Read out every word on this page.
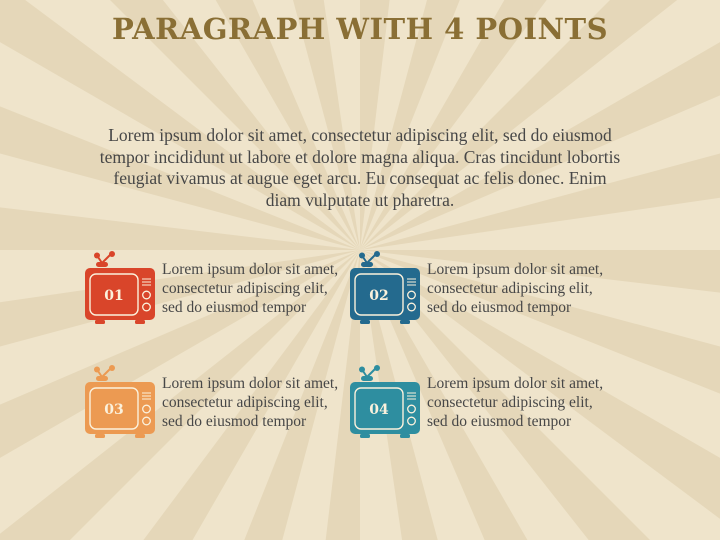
PARAGRAPH WITH 4 POINTS
Lorem ipsum dolor sit amet, consectetur adipiscing elit, sed do eiusmod tempor incididunt ut labore et dolore magna aliqua. Cras tincidunt lobortis feugiat vivamus at augue eget arcu. Eu consequat ac felis donec. Enim diam vulputate ut pharetra.
01
Lorem ipsum dolor sit amet, consectetur adipiscing elit, sed do eiusmod tempor
02
Lorem ipsum dolor sit amet, consectetur adipiscing elit, sed do eiusmod tempor
03
Lorem ipsum dolor sit amet, consectetur adipiscing elit, sed do eiusmod tempor
04
Lorem ipsum dolor sit amet, consectetur adipiscing elit, sed do eiusmod tempor
